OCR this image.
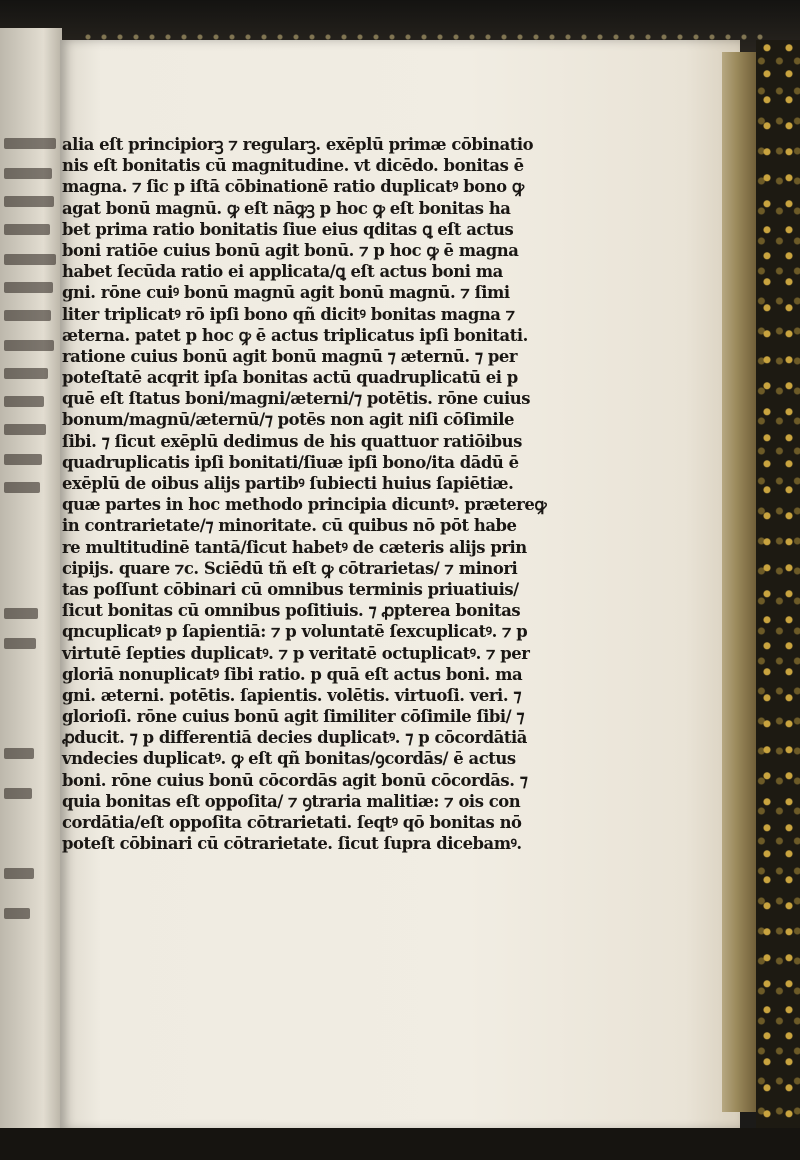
alia eſt principiorꝫ ⁊ regularꝫ. exēplū primæ cōbinatio
nis eſt bonitatis cū magnitudine. vt dicēdo. bonitas ē
magna. ⁊ ſic p iſtā cōbinationē ratio duplicatꝰ bono ꝙ
agat bonū magnū. ꝙ eſt nāꝙꝫ p hoc ꝙ eſt bonitas ha
bet prima ratio bonitatis ſiue eius qditas ꝗ eſt actus
boni ratiōe cuius bonū agit bonū. ⁊ p hoc ꝙ ē magna
habet ſecūda ratio ei applicata/ꝗ eſt actus boni ma
gni. rōne cuiꝰ bonū magnū agit bonū magnū. ⁊ ſimi
liter triplicatꝰ rō ipſi bono qñ dicitꝰ bonitas magna ⁊
æterna. patet p hoc ꝙ ē actus triplicatus ipſi bonitati.
ratione cuius bonū agit bonū magnū ⁊ æternū. ⁊ per
poteſtatē acqrit ipſa bonitas actū quadruplicatū ei p
quē eſt ſtatus boni/magni/æterni/⁊ potētis. rōne cuius
bonum/magnū/æternū/⁊ potēs non agit niſi cōſimile
ſibi. ⁊ ſicut exēplū dedimus de his quattuor ratiōibus
quadruplicatis ipſi bonitati/ſiuæ ipſi bono/ita dādū ē
exēplū de oibus alijs partibꝰ ſubiecti huius ſapiētiæ.
quæ partes in hoc methodo principia dicuntꝰ. prætereꝙ
in contrarietate/⁊ minoritate. cū quibus nō pōt habe
re multitudinē tantā/ſicut habetꝰ de cæteris alijs prin
cipijs. quare ⁊c. Sciēdū tñ eſt ꝙ cōtrarietas/ ⁊ minori
tas poſſunt cōbinari cū omnibus terminis priuatiuis/
ſicut bonitas cū omnibus poſitiuis. ⁊ ꝓpterea bonitas
qncuplicatꝰ p ſapientiā: ⁊ p voluntatē ſexcuplicatꝰ. ⁊ p
virtutē ſepties duplicatꝰ. ⁊ p veritatē octuplicatꝰ. ⁊ per
gloriā nonuplicatꝰ ſibi ratio. p quā eſt actus boni. ma
gni. æterni. potētis. ſapientis. volētis. virtuoſi. veri. ⁊
glorioſi. rōne cuius bonū agit ſimiliter cōſimile ſibi/ ⁊
ꝓducit. ⁊ p differentiā decies duplicatꝰ. ⁊ p cōcordātiā
vndecies duplicatꝰ. ꝙ eſt qñ bonitas/ꝯcordās/ ē actus
boni. rōne cuius bonū cōcordās agit bonū cōcordās. ⁊
quia bonitas eſt oppoſita/ ⁊ ꝯtraria malitiæ: ⁊ ois con
cordātia/eſt oppoſita cōtrarietati. ſeqtꝰ qō bonitas nō
poteſt cōbinari cū cōtrarietate. ſicut ſupra dicebamꝰ.
